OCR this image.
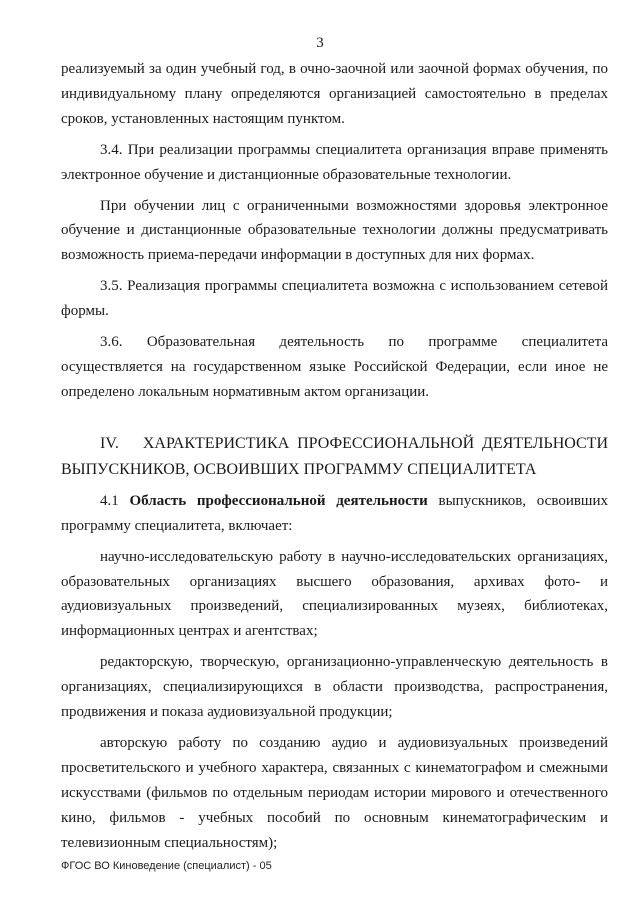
3

реализуемый за один учебный год, в очно-заочной или заочной формах обучения, по индивидуальному плану определяются организацией самостоятельно в пределах сроков, установленных настоящим пунктом.

3.4. При реализации программы специалитета организация вправе применять электронное обучение и дистанционные образовательные технологии.

При обучении лиц с ограниченными возможностями здоровья электронное обучение и дистанционные образовательные технологии должны предусматривать возможность приема-передачи информации в доступных для них формах.

3.5. Реализация программы специалитета возможна с использованием сетевой формы.

3.6. Образовательная деятельность по программе специалитета осуществляется на государственном языке Российской Федерации, если иное не определено локальным нормативным актом организации.

IV. ХАРАКТЕРИСТИКА ПРОФЕССИОНАЛЬНОЙ ДЕЯТЕЛЬНОСТИ ВЫПУСКНИКОВ, ОСВОИВШИХ ПРОГРАММУ СПЕЦИАЛИТЕТА

4.1 Область профессиональной деятельности выпускников, освоивших программу специалитета, включает:

научно-исследовательскую работу в научно-исследовательских организациях, образовательных организациях высшего образования, архивах фото- и аудиовизуальных произведений, специализированных музеях, библиотеках, информационных центрах и агентствах;

редакторскую, творческую, организационно-управленческую деятельность в организациях, специализирующихся в области производства, распространения, продвижения и показа аудиовизуальной продукции;

авторскую работу по созданию аудио и аудиовизуальных произведений просветительского и учебного характера, связанных с кинематографом и смежными искусствами (фильмов по отдельным периодам истории мирового и отечественного кино, фильмов - учебных пособий по основным кинематографическим и телевизионным специальностям);

ФГОС ВО Киноведение (специалист) - 05
